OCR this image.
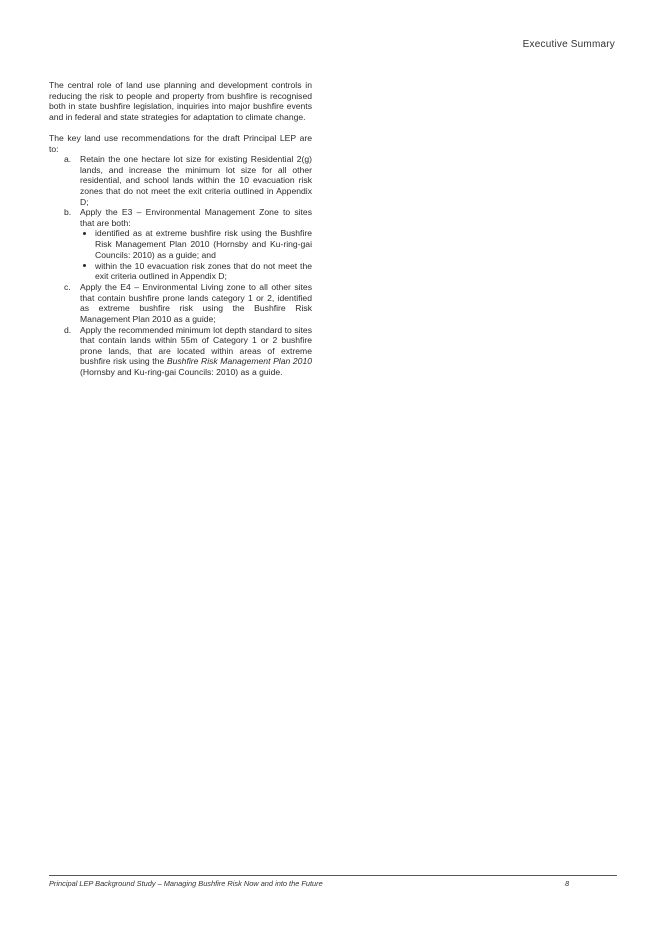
Executive Summary

The central role of land use planning and development controls in reducing the risk to people and property from bushfire is recognised both in state bushfire legislation, inquiries into major bushfire events and in federal and state strategies for adaptation to climate change.

The key land use recommendations for the draft Principal LEP are to:

a. Retain the one hectare lot size for existing Residential 2(g) lands, and increase the minimum lot size for all other residential, and school lands within the 10 evacuation risk zones that do not meet the exit criteria outlined in Appendix D;
b. Apply the E3 – Environmental Management Zone to sites that are both:
identified as at extreme bushfire risk using the Bushfire Risk Management Plan 2010 (Hornsby and Ku-ring-gai Councils: 2010) as a guide; and
within the 10 evacuation risk zones that do not meet the exit criteria outlined in Appendix D;
c. Apply the E4 – Environmental Living zone to all other sites that contain bushfire prone lands category 1 or 2, identified as extreme bushfire risk using the Bushfire Risk Management Plan 2010 as a guide;
d. Apply the recommended minimum lot depth standard to sites that contain lands within 55m of Category 1 or 2 bushfire prone lands, that are located within areas of extreme bushfire risk using the Bushfire Risk Management Plan 2010 (Hornsby and Ku-ring-gai Councils: 2010) as a guide.
Principal LEP Background Study – Managing Bushfire Risk Now and into the Future	8
